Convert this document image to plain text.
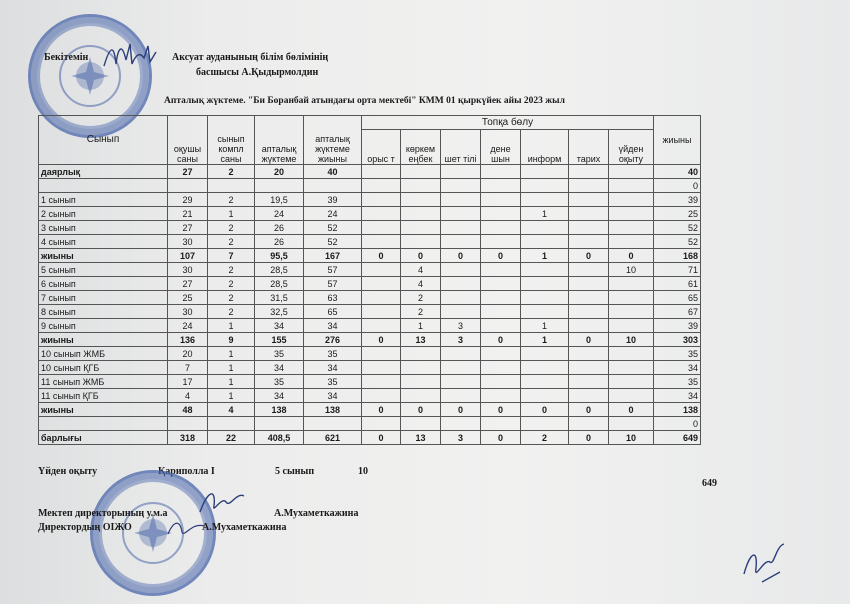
Бекітемін	Аксуат ауданының білім бөлімінің
басшысы А.Қыдырмолдин
Апталық жүктеме. "Би Боранбай атындағы орта мектебі" КММ 01 қыркүйек айы 2023 жыл
Сынып	оқушы саны	сынып компл саны	апталық жүктеме	апталық жүктеме жиыны	Топқа бөлу							жиыны
					орыс т	көркем еңбек	шет тілі	дене шын	информ	тарих	үйден оқыту	
даярлық	27	2	20	40								40
												0
1 сынып	29	2	19,5	39								39
2 сынып	21	1	24	24					1			25
3 сынып	27	2	26	52								52
4 сынып	30	2	26	52								52
жиыны	107	7	95,5	167	0	0	0	0	1	0	0	168
5 сынып	30	2	28,5	57		4					10	71
6 сынып	27	2	28,5	57		4						61
7 сынып	25	2	31,5	63		2						65
8 сынып	30	2	32,5	65		2						67
9 сынып	24	1	34	34		1	3		1			39
жиыны	136	9	155	276	0	13	3	0	1	0	10	303
10 сынып ЖМБ	20	1	35	35								35
10 сынып ҚГБ	7	1	34	34								34
11 сынып ЖМБ	17	1	35	35								35
11 сынып ҚГБ	4	1	34	34								34
жиыны	48	4	138	138	0	0	0	0	0	0	0	138
												0
барлығы	318	22	408,5	621	0	13	3	0	2	0	10	649
Үйден оқыту	Қариполла І	5 сынып	10
649
Мектеп директорының у.м.а	А.Мухаметкажина
Директордың ОІЖО	А.Мухаметкажина
